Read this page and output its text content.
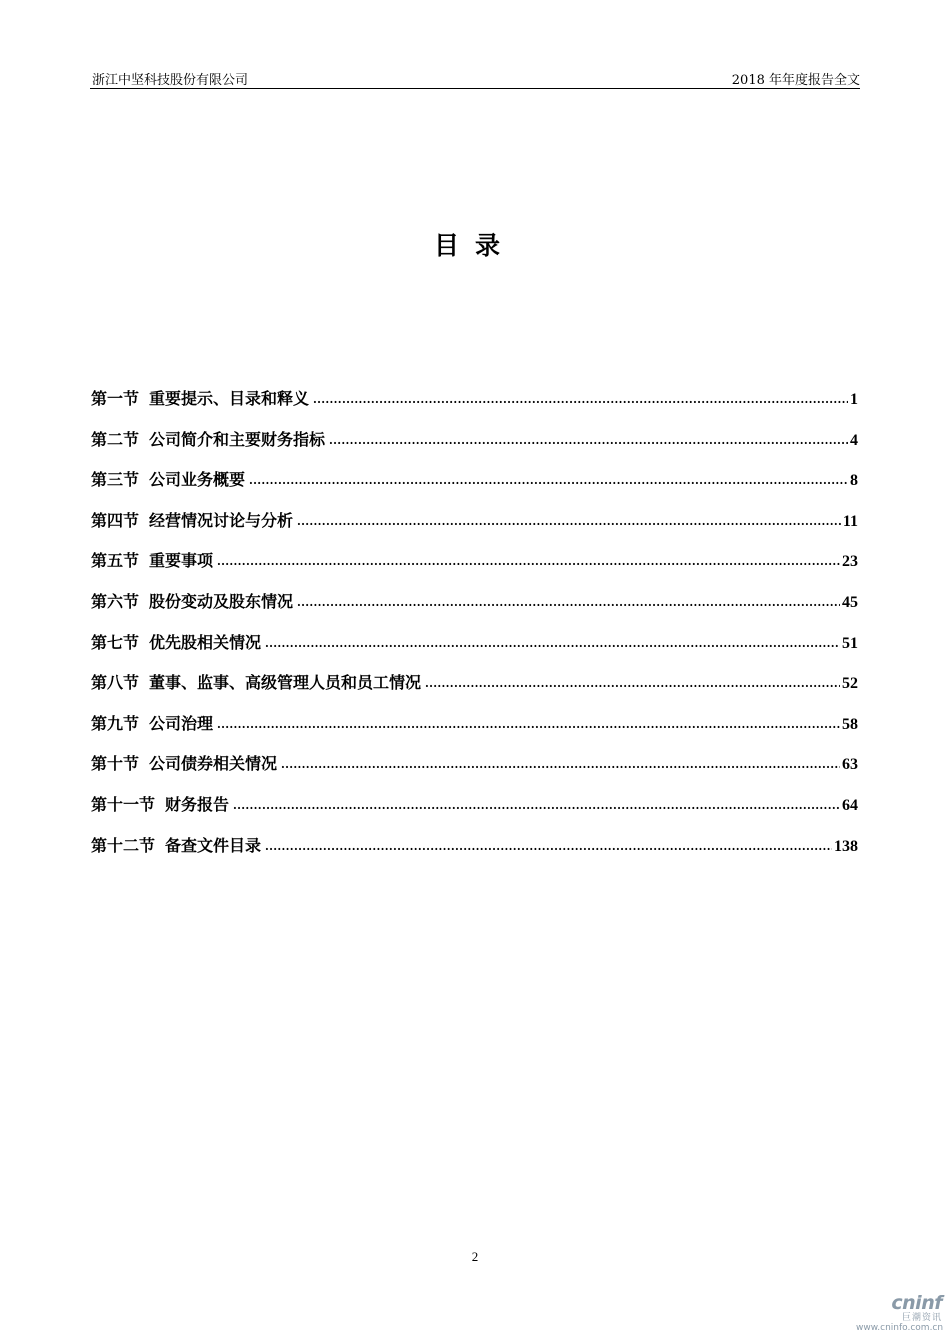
浙江中坚科技股份有限公司	2018 年年度报告全文
目录
第一节 重要提示、目录和释义 .....	1
第二节 公司简介和主要财务指标 .....	4
第三节 公司业务概要 .....	8
第四节 经营情况讨论与分析 .....	11
第五节 重要事项 .....	23
第六节 股份变动及股东情况 .....	45
第七节 优先股相关情况 .....	51
第八节 董事、监事、高级管理人员和员工情况 .....	52
第九节 公司治理 .....	58
第十节 公司债券相关情况 .....	63
第十一节 财务报告 .....	64
第十二节 备查文件目录 .....	138
2
cninf
巨潮资讯
www.cninfo.com.cn
